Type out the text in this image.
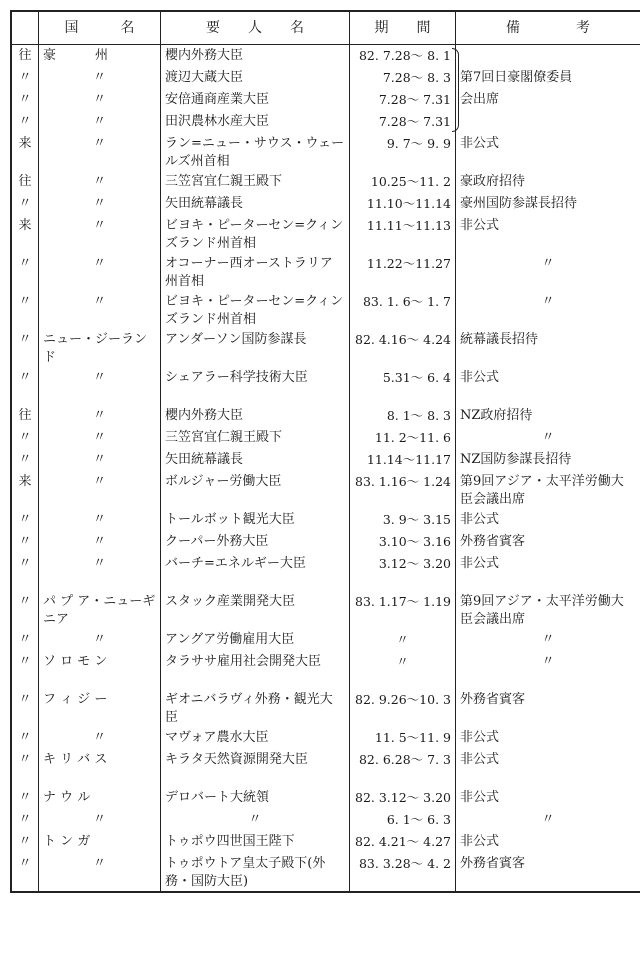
	国　　　名	要　　人　　名	期　　間	備　　　　考

往	豪　　　州	櫻内外務大臣	82. 7.28～ 8. 1	
〃	〃	渡辺大蔵大臣	7.28～ 8. 3	第7回日豪閣僚委員
〃	〃	安倍通商産業大臣	7.28～ 7.31	会出席
〃	〃	田沢農林水産大臣	7.28～ 7.31	
来	〃	ラン=ニュー・サウス・ウェールズ州首相	9. 7～ 9. 9	非公式
往	〃	三笠宮宜仁親王殿下	10.25～11. 2	豪政府招待
〃	〃	矢田統幕議長	11.10～11.14	豪州国防参謀長招待
来	〃	ビヨキ・ピーターセン=クィンズランド州首相	11.11～11.13	非公式
〃	〃	オコーナー西オーストラリア州首相	11.22～11.27	〃
〃	〃	ビヨキ・ピーターセン=クィンズランド州首相	83. 1. 6～ 1. 7	〃
〃	ニュー・ジーランド	アンダーソン国防参謀長	82. 4.16～ 4.24	統幕議長招待
〃	〃	シェアラー科学技術大臣	5.31～ 6. 4	非公式
往	〃	櫻内外務大臣	8. 1～ 8. 3	NZ政府招待
〃	〃	三笠宮宜仁親王殿下	11. 2～11. 6	〃
〃	〃	矢田統幕議長	11.14～11.17	NZ国防参謀長招待
来	〃	ボルジャー労働大臣	83. 1.16～ 1.24	第9回アジア・太平洋労働大臣会議出席
〃	〃	トールボット観光大臣	3. 9～ 3.15	非公式
〃	〃	クーパー外務大臣	3.10～ 3.16	外務省賓客
〃	〃	バーチ=エネルギー大臣	3.12～ 3.20	非公式
〃	パ プ ア・ニューギニア	スタック産業開発大臣	83. 1.17～ 1.19	第9回アジア・太平洋労働大臣会議出席
〃	〃	アングア労働雇用大臣	〃	〃
〃	ソ ロ モ ン	タラササ雇用社会開発大臣	〃	〃
〃	フ ィ ジ ー	ギオニバラヴィ外務・観光大臣	82. 9.26～10. 3	外務省賓客
〃	〃	マヴォア農水大臣	11. 5～11. 9	非公式
〃	キ リ バ ス	キラタ天然資源開発大臣	82. 6.28～ 7. 3	非公式
〃	ナ ウ ル	デロバート大統領	82. 3.12～ 3.20	非公式
〃	〃	〃	6. 1～ 6. 3	〃
〃	ト ン ガ	トゥポウ四世国王陛下	82. 4.21～ 4.27	非公式
〃	〃	トゥポウトア皇太子殿下(外務・国防大臣)	83. 3.28～ 4. 2	外務省賓客
